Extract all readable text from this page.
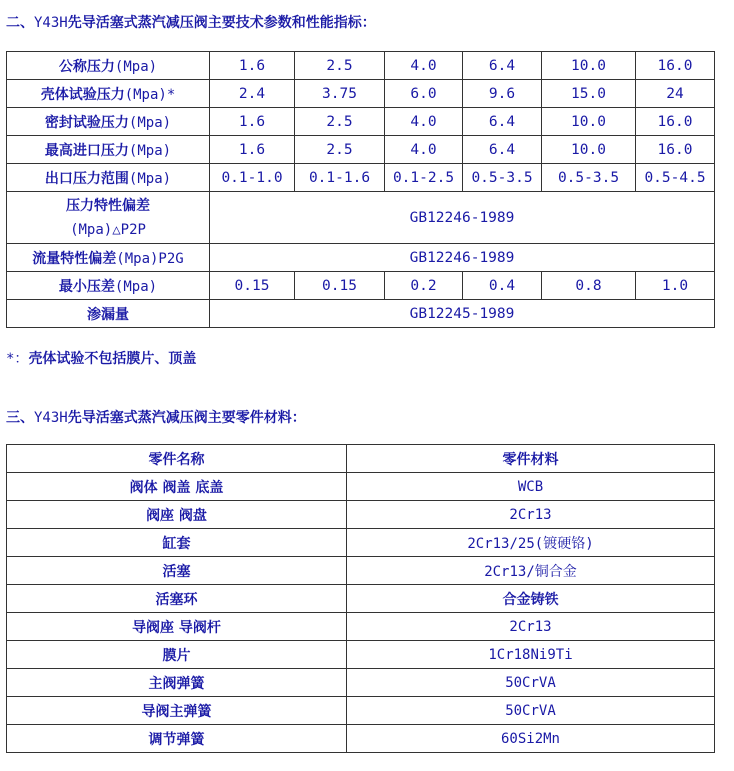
二、Y43H先导活塞式蒸汽减压阀主要技术参数和性能指标：
公称压力(Mpa)	1.6	2.5	4.0	6.4	10.0	16.0
壳体试验压力(Mpa)*	2.4	3.75	6.0	9.6	15.0	24
密封试验压力(Mpa)	1.6	2.5	4.0	6.4	10.0	16.0
最高进口压力(Mpa)	1.6	2.5	4.0	6.4	10.0	16.0
出口压力范围(Mpa)	0.1-1.0	0.1-1.6	0.1-2.5	0.5-3.5	0.5-3.5	0.5-4.5

压力特性偏差
(Mpa)△P2P	GB12246-1989					
流量特性偏差(Mpa)P2G	GB12246-1989					
最小压差(Mpa)	0.15	0.15	0.2	0.4	0.8	1.0
渗漏量	GB12245-1989					
*：壳体试验不包括膜片、顶盖
三、Y43H先导活塞式蒸汽减压阀主要零件材料：
零件名称	零件材料
阀体 阀盖 底盖	WCB
阀座 阀盘	2Cr13
缸套	2Cr13/25(镀硬铬)
活塞	2Cr13/铜合金
活塞环	合金铸铁
导阀座 导阀杆	2Cr13
膜片	1Cr18Ni9Ti
主阀弹簧	50CrVA
导阀主弹簧	50CrVA
调节弹簧	60Si2Mn
